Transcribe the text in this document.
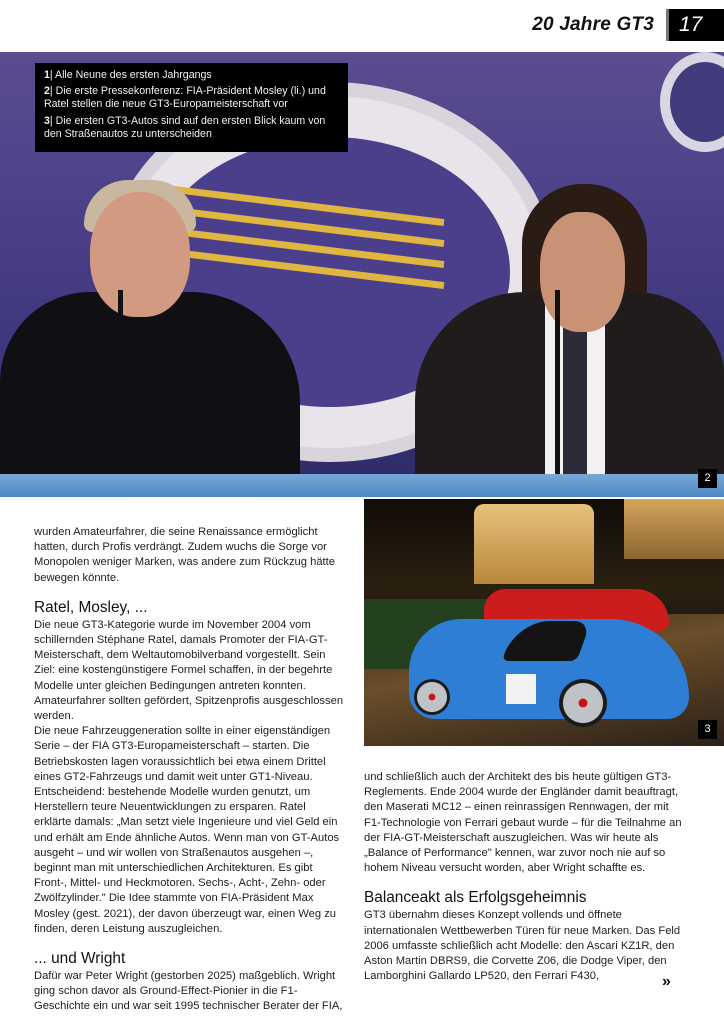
20 Jahre GT3	17

1| Alle Neune des ersten Jahrgangs

2| Die erste Pressekonferenz: FIA-Präsident Mosley (li.) und Ratel stellen die neue GT3-Europameisterschaft vor

3| Die ersten GT3-Autos sind auf den ersten Blick kaum von den Straßenautos zu unterscheiden

2
3

wurden Amateurfahrer, die seine Renaissance ermöglicht hatten, durch Profis verdrängt. Zudem wuchs die Sorge vor Monopolen weniger Marken, was andere zum Rückzug hätte bewegen könnte.

Ratel, Mosley, ...

Die neue GT3-Kategorie wurde im November 2004 vom schillernden Stéphane Ratel, damals Promoter der FIA-GT-Meisterschaft, dem Weltautomobilverband vorgestellt. Sein Ziel: eine kostengünstigere Formel schaffen, in der begehrte Modelle unter gleichen Bedingungen antreten konnten. Amateurfahrer sollten gefördert, Spitzenprofis ausgeschlossen werden.

Die neue Fahrzeuggeneration sollte in einer eigenständigen Serie – der FIA GT3-Europameisterschaft – starten. Die Betriebskosten lagen voraussichtlich bei etwa einem Drittel eines GT2-Fahrzeugs und damit weit unter GT1-Niveau. Entscheidend: bestehende Modelle wurden genutzt, um Herstellern teure Neuentwicklungen zu ersparen. Ratel erklärte damals: „Man setzt viele Ingenieure und viel Geld ein und erhält am Ende ähnliche Autos. Wenn man von GT-Autos ausgeht – und wir wollen von Straßenautos ausgehen –, beginnt man mit unterschiedlichen Architekturen. Es gibt Front-, Mittel- und Heckmotoren. Sechs-, Acht-, Zehn- oder Zwölfzylinder." Die Idee stammte von FIA-Präsident Max Mosley (gest. 2021), der davon überzeugt war, einen Weg zu finden, deren Leistung auszugleichen.

... und Wright

Dafür war Peter Wright (gestorben 2025) maßgeblich. Wright ging schon davor als Ground-Effect-Pionier in die F1-Geschichte ein und war seit 1995 technischer Berater der FIA,

und schließlich auch der Architekt des bis heute gültigen GT3-Reglements. Ende 2004 wurde der Engländer damit beauftragt, den Maserati MC12 – einen reinrassigen Rennwagen, der mit F1-Technologie von Ferrari gebaut wurde – für die Teilnahme an der FIA-GT-Meisterschaft auszugleichen. Was wir heute als „Balance of Performance" kennen, war zuvor noch nie auf so hohem Niveau versucht worden, aber Wright schaffte es.

Balanceakt als Erfolgsgeheimnis

GT3 übernahm dieses Konzept vollends und öffnete internationalen Wettbewerben Türen für neue Marken. Das Feld 2006 umfasste schließlich acht Modelle: den Ascari KZ1R, den Aston Martin DBRS9, die Corvette Z06, die Dodge Viper, den Lamborghini Gallardo LP520, den Ferrari F430,	»
